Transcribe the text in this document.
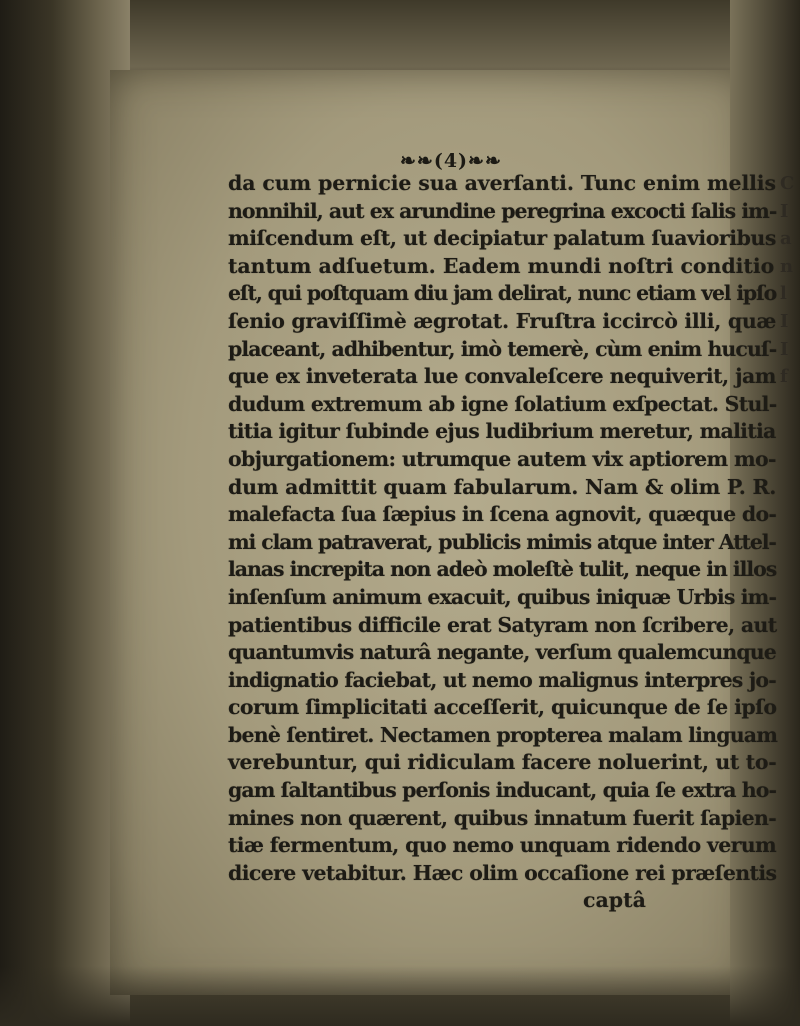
❧❧(4)❧❧
da cum pernicie sua averſanti. Tunc enim mellis
nonnihil, aut ex arundine peregrina excocti ſalis im-
miſcendum eſt, ut decipiatur palatum ſuavioribus
tantum adſuetum. Eadem mundi noſtri conditio
eſt, qui poſtquam diu jam delirat, nunc etiam vel ipſo
ſenio graviſſimè ægrotat. Fruſtra iccircò illi, quæ
placeant, adhibentur, imò temerè, cùm enim hucuſ-
que ex inveterata lue convaleſcere nequiverit, jam
dudum extremum ab igne ſolatium exſpectat. Stul-
titia igitur ſubinde ejus ludibrium meretur, malitia
objurgationem: utrumque autem vix aptiorem mo-
dum admittit quam fabularum. Nam & olim P. R.
malefacta ſua ſæpius in ſcena agnovit, quæque do-
mi clam patraverat, publicis mimis atque inter Attel-
lanas increpita non adeò moleſtè tulit, neque in illos
inſenſum animum exacuit, quibus iniquæ Urbis im-
patientibus difficile erat Satyram non ſcribere, aut
quantumvis naturâ negante, verſum qualemcunque
indignatio faciebat, ut nemo malignus interpres jo-
corum ſimplicitati acceſſerit, quicunque de ſe ipſo
benè ſentiret. Nectamen propterea malam linguam
verebuntur, qui ridiculam facere noluerint, ut to-
gam ſaltantibus perſonis inducant, quia ſe extra ho-
mines non quærent, quibus innatum fuerit ſapien-
tiæ fermentum, quo nemo unquam ridendo verum
dicere vetabitur. Hæc olim occaſione rei præſentis
captâ
C
I
a
n
l
I
I
f
